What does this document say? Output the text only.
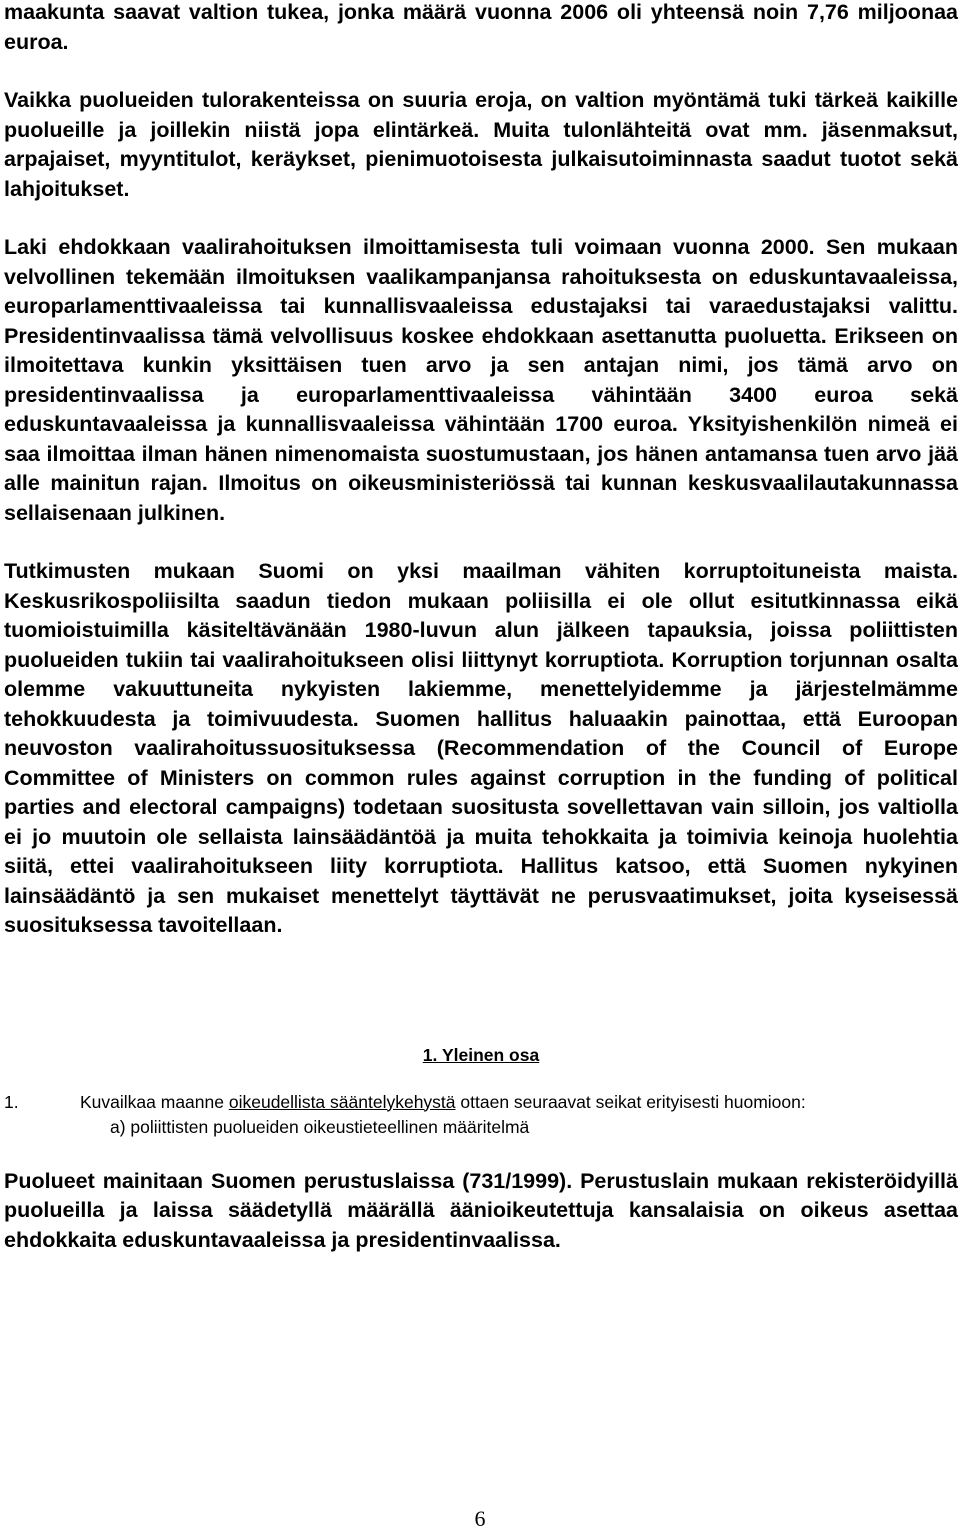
maakunta saavat valtion tukea, jonka määrä vuonna 2006 oli yhteensä noin 7,76 miljoonaa euroa.

Vaikka puolueiden tulorakenteissa on suuria eroja, on valtion myöntämä tuki tärkeä kaikille puolueille ja joillekin niistä jopa elintärkeä. Muita tulonlähteitä ovat mm. jäsenmaksut, arpajaiset, myyntitulot, keräykset, pienimuotoisesta julkaisutoiminnasta saadut tuotot sekä lahjoitukset.

Laki ehdokkaan vaalirahoituksen ilmoittamisesta tuli voimaan vuonna 2000. Sen mukaan velvollinen tekemään ilmoituksen vaalikampanjansa rahoituksesta on eduskuntavaaleissa, europarlamenttivaaleissa tai kunnallisvaaleissa edustajaksi tai varaedustajaksi valittu. Presidentinvaalissa tämä velvollisuus koskee ehdokkaan asettanutta puoluetta. Erikseen on ilmoitettava kunkin yksittäisen tuen arvo ja sen antajan nimi, jos tämä arvo on presidentinvaalissa ja europarlamenttivaaleissa vähintään 3400 euroa sekä eduskuntavaaleissa ja kunnallisvaaleissa vähintään 1700 euroa. Yksityishenkilön nimeä ei saa ilmoittaa ilman hänen nimenomaista suostumustaan, jos hänen antamansa tuen arvo jää alle mainitun rajan. Ilmoitus on oikeusministeriössä tai kunnan keskusvaalilautakunnassa sellaisenaan julkinen.

Tutkimusten mukaan Suomi on yksi maailman vähiten korruptoituneista maista. Keskusrikospoliisilta saadun tiedon mukaan poliisilla ei ole ollut esitutkinnassa eikä tuomioistuimilla käsiteltävänään 1980-luvun alun jälkeen tapauksia, joissa poliittisten puolueiden tukiin tai vaalirahoitukseen olisi liittynyt korruptiota. Korruption torjunnan osalta olemme vakuuttuneita nykyisten lakiemme, menettelyidemme ja järjestelmämme tehokkuudesta ja toimivuudesta. Suomen hallitus haluaakin painottaa, että Euroopan neuvoston vaalirahoitussuosituksessa (Recommendation of the Council of Europe Committee of Ministers on common rules against corruption in the funding of political parties and electoral campaigns) todetaan suositusta sovellettavan vain silloin, jos valtiolla ei jo muutoin ole sellaista lainsäädäntöä ja muita tehokkaita ja toimivia keinoja huolehtia siitä, ettei vaalirahoitukseen liity korruptiota. Hallitus katsoo, että Suomen nykyinen lainsäädäntö ja sen mukaiset menettelyt täyttävät ne perusvaatimukset, joita kyseisessä suosituksessa tavoitellaan.

1. Yleinen osa
1.	Kuvailkaa maanne oikeudellista sääntelykehystä ottaen seuraavat seikat erityisesti huomioon:

a) poliittisten puolueiden oikeustieteellinen määritelmä

Puolueet mainitaan Suomen perustuslaissa (731/1999). Perustuslain mukaan rekisteröidyillä puolueilla ja laissa säädetyllä määrällä äänioikeutettuja kansalaisia on oikeus asettaa ehdokkaita eduskuntavaaleissa ja presidentinvaalissa.

6
